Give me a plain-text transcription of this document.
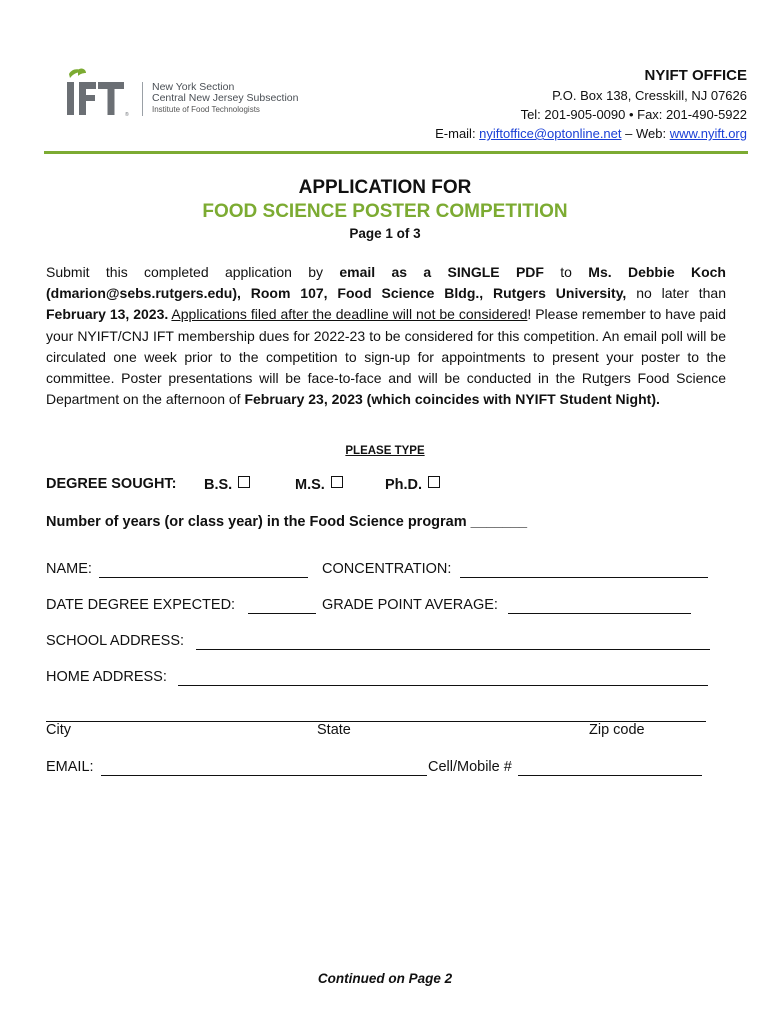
®
New York Section
Central New Jersey Subsection
Institute of Food Technologists
NYIFT OFFICE
P.O. Box 138, Cresskill, NJ 07626
Tel: 201-905-0090 • Fax: 201-490-5922
E-mail: nyiftoffice@optonline.net – Web: www.nyift.org
APPLICATION FOR
FOOD SCIENCE POSTER COMPETITION
Page 1 of 3
Submit this completed application by email as a SINGLE PDF to Ms. Debbie Koch (dmarion@sebs.rutgers.edu), Room 107, Food Science Bldg., Rutgers University, no later than February 13, 2023. Applications filed after the deadline will not be considered! Please remember to have paid your NYIFT/CNJ IFT membership dues for 2022-23 to be considered for this competition. An email poll will be circulated one week prior to the competition to sign-up for appointments to present your poster to the committee. Poster presentations will be face-to-face and will be conducted in the Rutgers Food Science Department on the afternoon of February 23, 2023 (which coincides with NYIFT Student Night).
PLEASE TYPE
DEGREE SOUGHT: B.S.	M.S.	Ph.D.
Number of years (or class year) in the Food Science program _______
NAME:	CONCENTRATION:
DATE DEGREE EXPECTED:	GRADE POINT AVERAGE:
SCHOOL ADDRESS:
HOME ADDRESS:
City	State	Zip code
EMAIL:	Cell/Mobile #
Continued on Page 2
